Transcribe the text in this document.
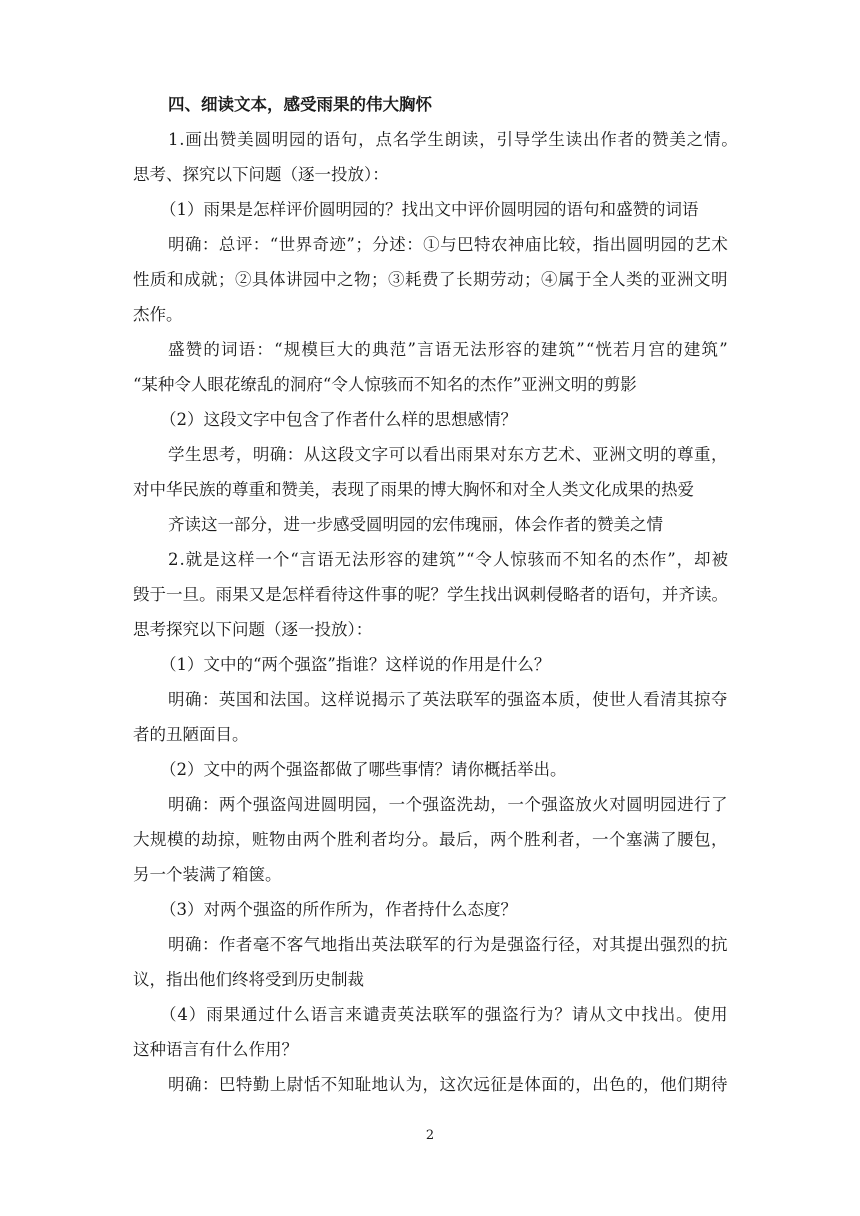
四、细读文本，感受雨果的伟大胸怀
1.画出赞美圆明园的语句，点名学生朗读，引导学生读出作者的赞美之情。
思考、探究以下问题（逐一投放）：
（1）雨果是怎样评价圆明园的？找出文中评价圆明园的语句和盛赞的词语
明确：总评：“世界奇迹”；分述：①与巴特农神庙比较，指出圆明园的艺术
性质和成就；②具体讲园中之物；③耗费了长期劳动；④属于全人类的亚洲文明
杰作。
盛赞的词语：“规模巨大的典范”言语无法形容的建筑”“恍若月宫的建筑”
“某种令人眼花缭乱的洞府“令人惊骇而不知名的杰作”亚洲文明的剪影
（2）这段文字中包含了作者什么样的思想感情？
学生思考，明确：从这段文字可以看出雨果对东方艺术、亚洲文明的尊重，
对中华民族的尊重和赞美，表现了雨果的博大胸怀和对全人类文化成果的热爱
齐读这一部分，进一步感受圆明园的宏伟瑰丽，体会作者的赞美之情
2.就是这样一个“言语无法形容的建筑”“令人惊骇而不知名的杰作”，却被
毁于一旦。雨果又是怎样看待这件事的呢？学生找出讽刺侵略者的语句，并齐读。
思考探究以下问题（逐一投放）：
（1）文中的“两个强盗”指谁？这样说的作用是什么？
明确：英国和法国。这样说揭示了英法联军的强盗本质，使世人看清其掠夺
者的丑陋面目。
（2）文中的两个强盗都做了哪些事情？请你概括举出。
明确：两个强盗闯进圆明园，一个强盗洗劫，一个强盗放火对圆明园进行了
大规模的劫掠，赃物由两个胜利者均分。最后，两个胜利者，一个塞满了腰包，
另一个装满了箱箧。
（3）对两个强盗的所作所为，作者持什么态度？
明确：作者毫不客气地指出英法联军的行为是强盗行径，对其提出强烈的抗
议，指出他们终将受到历史制裁
（4）雨果通过什么语言来谴责英法联军的强盗行为？请从文中找出。使用
这种语言有什么作用？
明确：巴特勤上尉恬不知耻地认为，这次远征是体面的，出色的，他们期待
2
